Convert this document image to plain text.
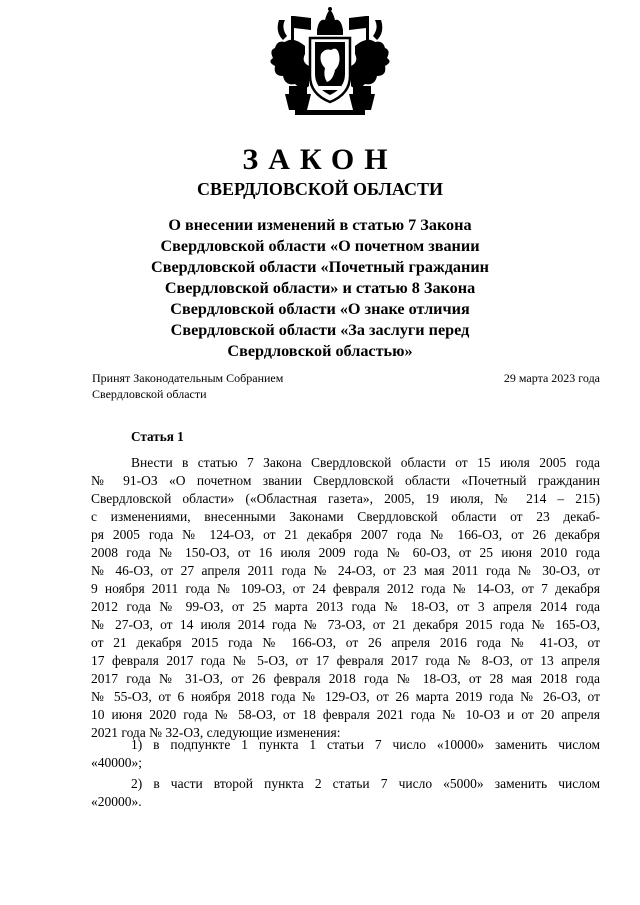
ЗАКОН
СВЕРДЛОВСКОЙ ОБЛАСТИ
О внесении изменений в статью 7 Закона
Свердловской области «О почетном звании
Свердловской области «Почетный гражданин
Свердловской области» и статью 8 Закона
Свердловской области «О знаке отличия
Свердловской области «За заслуги перед
Свердловской областью»
Принят Законодательным Собранием
Свердловской области
29 марта 2023 года
Статья 1
Внести в статью 7 Закона Свердловской области от 15 июля 2005 года
№ 91-ОЗ «О почетном звании Свердловской области «Почетный гражданин
Свердловской области» («Областная газета», 2005, 19 июля, № 214 – 215)
с изменениями, внесенными Законами Свердловской области от 23 декаб-
ря 2005 года № 124-ОЗ, от 21 декабря 2007 года № 166-ОЗ, от 26 декабря
2008 года № 150-ОЗ, от 16 июля 2009 года № 60-ОЗ, от 25 июня 2010 года
№ 46-ОЗ, от 27 апреля 2011 года № 24-ОЗ, от 23 мая 2011 года № 30-ОЗ, от
9 ноября 2011 года № 109-ОЗ, от 24 февраля 2012 года № 14-ОЗ, от 7 декабря
2012 года № 99-ОЗ, от 25 марта 2013 года № 18-ОЗ, от 3 апреля 2014 года
№ 27-ОЗ, от 14 июля 2014 года № 73-ОЗ, от 21 декабря 2015 года № 165-ОЗ,
от 21 декабря 2015 года № 166-ОЗ, от 26 апреля 2016 года № 41-ОЗ, от
17 февраля 2017 года № 5-ОЗ, от 17 февраля 2017 года № 8-ОЗ, от 13 апреля
2017 года № 31-ОЗ, от 26 февраля 2018 года № 18-ОЗ, от 28 мая 2018 года
№ 55-ОЗ, от 6 ноября 2018 года № 129-ОЗ, от 26 марта 2019 года № 26-ОЗ, от
10 июня 2020 года № 58-ОЗ, от 18 февраля 2021 года № 10-ОЗ и от 20 апреля
2021 года № 32-ОЗ, следующие изменения:
1) в подпункте 1 пункта 1 статьи 7 число «10000» заменить числом
«40000»;
2) в части второй пункта 2 статьи 7 число «5000» заменить числом
«20000».
